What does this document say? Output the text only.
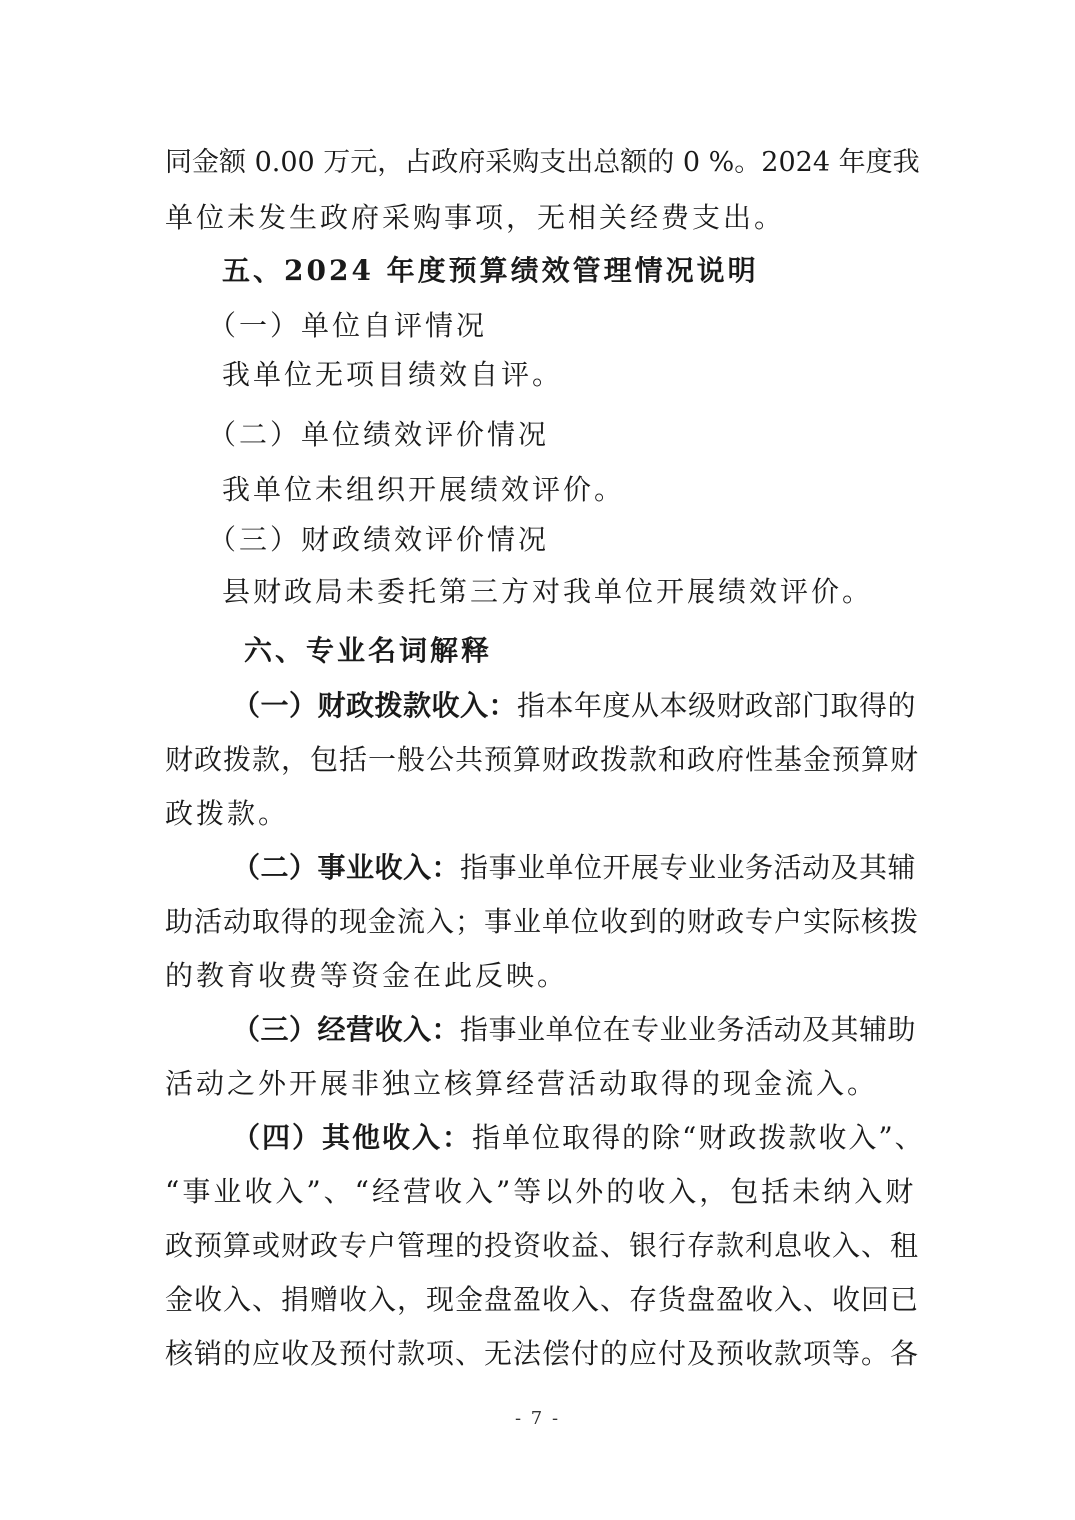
同金额 0.00 万元，占政府采购支出总额的 0 %。2024 年度我
单位未发生政府采购事项，无相关经费支出。
五、2024 年度预算绩效管理情况说明
（一）单位自评情况
我单位无项目绩效自评。
（二）单位绩效评价情况
我单位未组织开展绩效评价。
（三）财政绩效评价情况
县财政局未委托第三方对我单位开展绩效评价。
六、专业名词解释
（一）财政拨款收入：指本年度从本级财政部门取得的
财政拨款，包括一般公共预算财政拨款和政府性基金预算财
政拨款。
（二）事业收入：指事业单位开展专业业务活动及其辅
助活动取得的现金流入；事业单位收到的财政专户实际核拨
的教育收费等资金在此反映。
（三）经营收入：指事业单位在专业业务活动及其辅助
活动之外开展非独立核算经营活动取得的现金流入。
（四）其他收入：指单位取得的除“财政拨款收入”、
“事业收入”、“经营收入”等以外的收入，包括未纳入财
政预算或财政专户管理的投资收益、银行存款利息收入、租
金收入、捐赠收入，现金盘盈收入、存货盘盈收入、收回已
核销的应收及预付款项、无法偿付的应付及预收款项等。各
- 7 -
